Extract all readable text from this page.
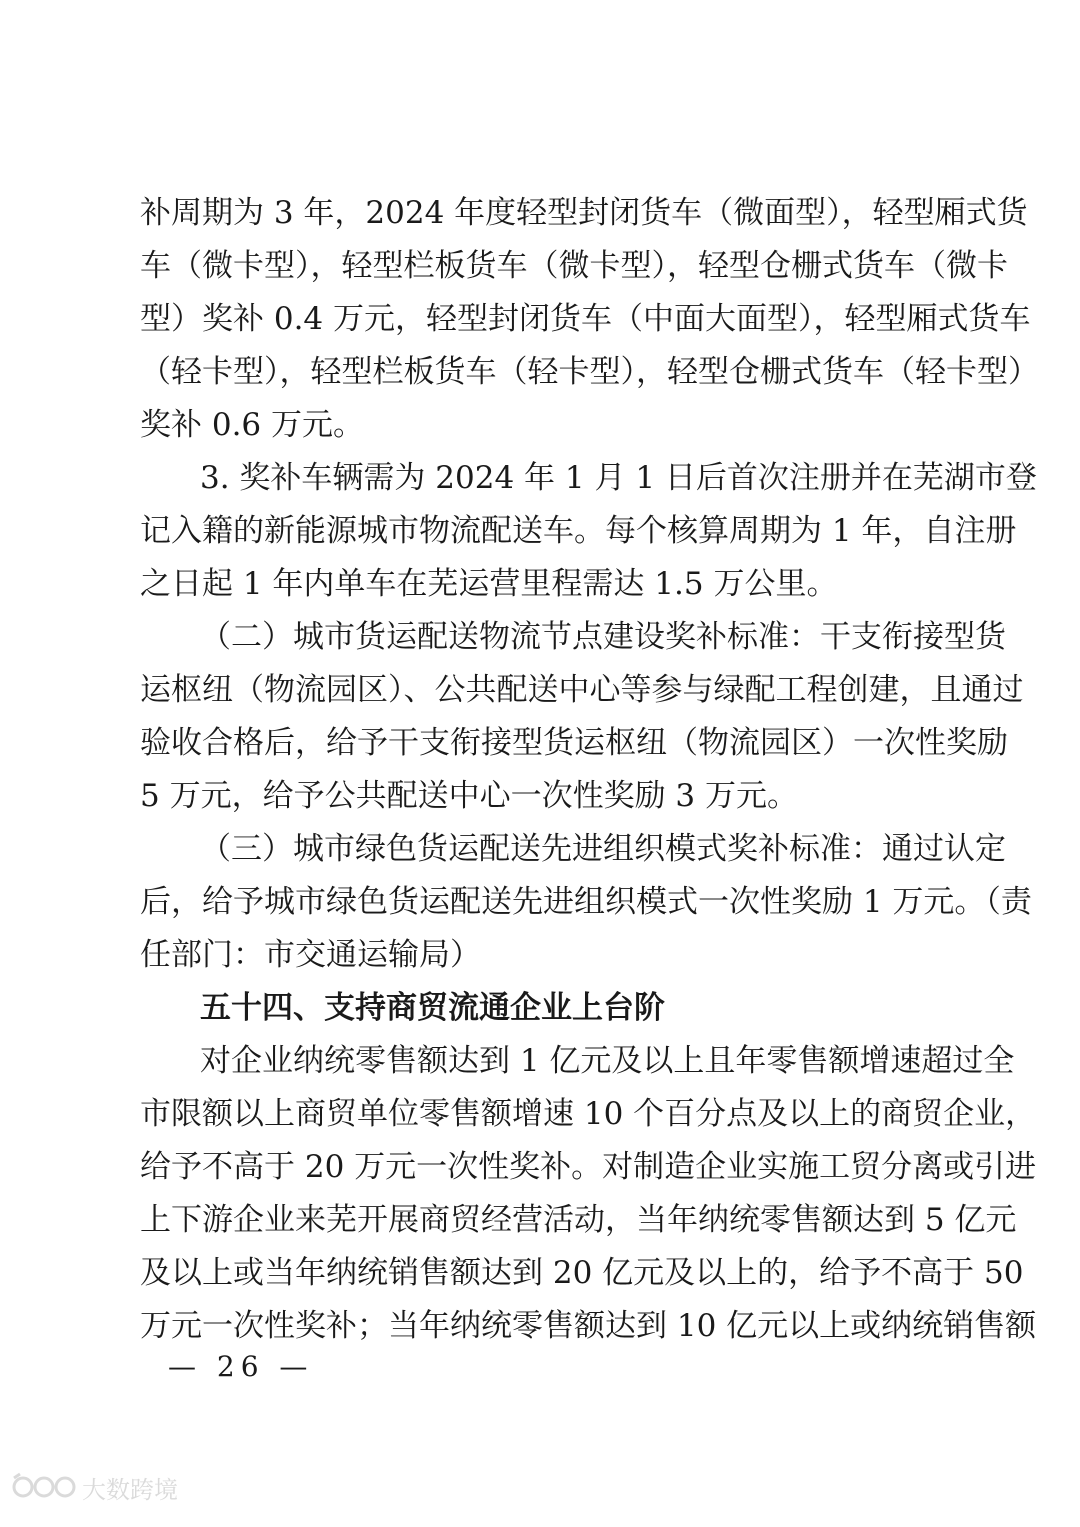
补周期为 3 年，2024 年度轻型封闭货车（微面型），轻型厢式货
车（微卡型），轻型栏板货车（微卡型），轻型仓栅式货车（微卡
型）奖补 0.4 万元，轻型封闭货车（中面大面型），轻型厢式货车
（轻卡型），轻型栏板货车（轻卡型），轻型仓栅式货车（轻卡型）
奖补 0.6 万元。
3. 奖补车辆需为 2024 年 1 月 1 日后首次注册并在芜湖市登
记入籍的新能源城市物流配送车。每个核算周期为 1 年，自注册
之日起 1 年内单车在芜运营里程需达 1.5 万公里。
（二）城市货运配送物流节点建设奖补标准：干支衔接型货
运枢纽（物流园区）、公共配送中心等参与绿配工程创建，且通过
验收合格后，给予干支衔接型货运枢纽（物流园区）一次性奖励
5 万元，给予公共配送中心一次性奖励 3 万元。
（三）城市绿色货运配送先进组织模式奖补标准：通过认定
后，给予城市绿色货运配送先进组织模式一次性奖励 1 万元。（责
任部门：市交通运输局）
五十四、支持商贸流通企业上台阶
对企业纳统零售额达到 1 亿元及以上且年零售额增速超过全
市限额以上商贸单位零售额增速 10 个百分点及以上的商贸企业，
给予不高于 20 万元一次性奖补。对制造企业实施工贸分离或引进
上下游企业来芜开展商贸经营活动，当年纳统零售额达到 5 亿元
及以上或当年纳统销售额达到 20 亿元及以上的，给予不高于 50
万元一次性奖补；当年纳统零售额达到 10 亿元以上或纳统销售额
— 26 —
大数跨境
